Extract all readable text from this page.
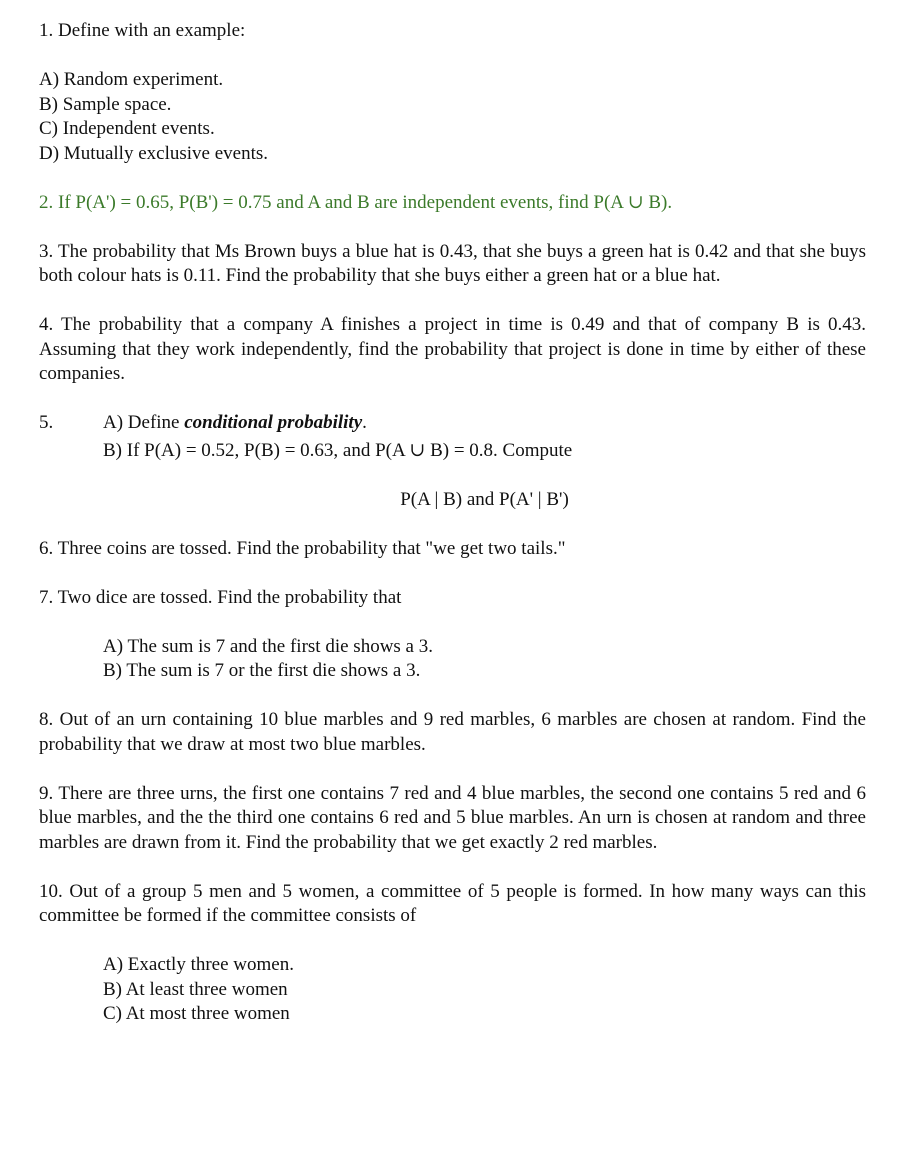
1. Define with an example:
A) Random experiment.
B) Sample space.
C) Independent events.
D) Mutually exclusive events.
2. If P(A') = 0.65, P(B') = 0.75 and A and B are independent events, find P(A ∪ B).
3. The probability that Ms Brown buys a blue hat is 0.43, that she buys a green hat is 0.42 and that she buys both colour hats is 0.11. Find the probability that she buys either a green hat or a blue hat.
4. The probability that a company A finishes a project in time is 0.49 and that of company B is 0.43. Assuming that they work independently, find the probability that project is done in time by either of these companies.
5.	A) Define conditional probability.
B) If P(A) = 0.52, P(B) = 0.63, and P(A ∪ B) = 0.8. Compute
P(A | B) and P(A' | B')
6. Three coins are tossed. Find the probability that "we get two tails."
7. Two dice are tossed. Find the probability that
A) The sum is 7 and the first die shows a 3.
B) The sum is 7 or the first die shows a 3.
8. Out of an urn containing 10 blue marbles and 9 red marbles, 6 marbles are chosen at random. Find the probability that we draw at most two blue marbles.
9. There are three urns, the first one contains 7 red and 4 blue marbles, the second one contains 5 red and 6 blue marbles, and the the third one contains 6 red and 5 blue marbles. An urn is chosen at random and three marbles are drawn from it. Find the probability that we get exactly 2 red marbles.
10. Out of a group 5 men and 5 women, a committee of 5 people is formed. In how many ways can this committee be formed if the committee consists of
A) Exactly three women.
B) At least three women
C) At most three women
